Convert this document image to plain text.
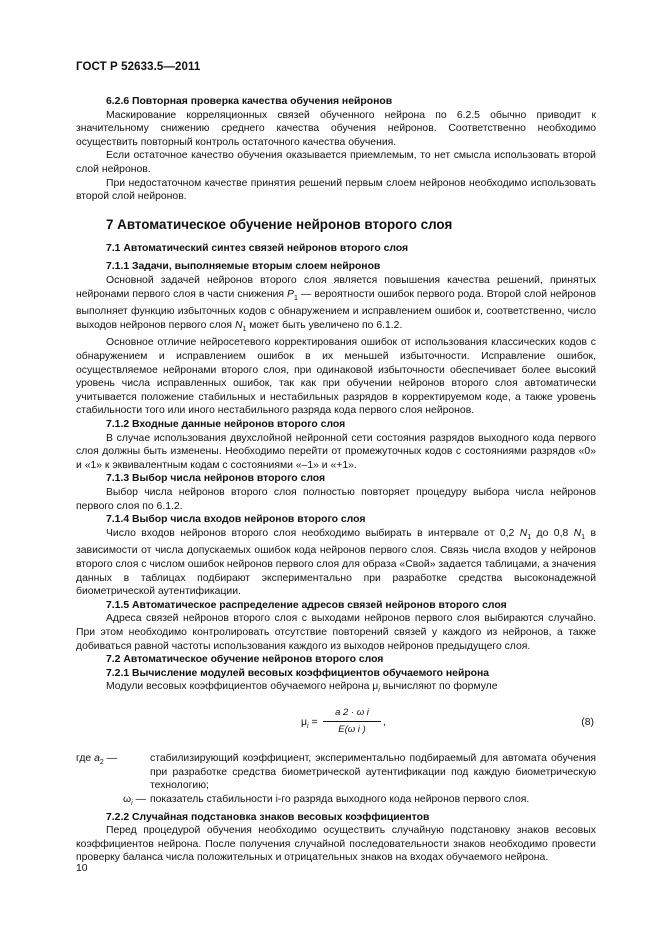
ГОСТ Р 52633.5—2011

6.2.6 Повторная проверка качества обучения нейронов

Маскирование корреляционных связей обученного нейрона по 6.2.5 обычно приводит к значительному снижению среднего качества обучения нейронов. Соответственно необходимо осуществить повторный контроль остаточного качества обучения.

Если остаточное качество обучения оказывается приемлемым, то нет смысла использовать второй слой нейронов.

При недостаточном качестве принятия решений первым слоем нейронов необходимо использовать второй слой нейронов.

7 Автоматическое обучение нейронов второго слоя

7.1 Автоматический синтез связей нейронов второго слоя

7.1.1 Задачи, выполняемые вторым слоем нейронов

Основной задачей нейронов второго слоя является повышения качества решений, принятых нейронами первого слоя в части снижения $P_1$ — вероятности ошибок первого рода. Второй слой нейронов выполняет функцию избыточных кодов с обнаружением и исправлением ошибок и, соответственно, число выходов нейронов первого слоя $N_1$ может быть увеличено по 6.1.2.

Основное отличие нейросетевого корректирования ошибок от использования классических кодов с обнаружением и исправлением ошибок в их меньшей избыточности. Исправление ошибок, осуществляемое нейронами второго слоя, при одинаковой избыточности обеспечивает более высокий уровень числа исправленных ошибок, так как при обучении нейронов второго слоя автоматически учитывается положение стабильных и нестабильных разрядов в корректируемом коде, а также уровень стабильности того или иного нестабильного разряда кода первого слоя нейронов.

7.1.2 Входные данные нейронов второго слоя

В случае использования двухслойной нейронной сети состояния разрядов выходного кода первого слоя должны быть изменены. Необходимо перейти от промежуточных кодов с состояниями разрядов «0» и «1» к эквивалентным кодам с состояниями «–1» и «+1».

7.1.3 Выбор числа нейронов второго слоя

Выбор числа нейронов второго слоя полностью повторяет процедуру выбора числа нейронов первого слоя по 6.1.2.

7.1.4 Выбор числа входов нейронов второго слоя

Число входов нейронов второго слоя необходимо выбирать в интервале от 0,2 $N_1$ до 0,8 $N_1$ в зависимости от числа допускаемых ошибок кода нейронов первого слоя. Связь числа входов у нейронов второго слоя с числом ошибок нейронов первого слоя для образа «Свой» задается таблицами, а значения данных в таблицах подбирают экспериментально при разработке средства высоконадежной биометрической аутентификации.

7.1.5 Автоматическое распределение адресов связей нейронов второго слоя

Адреса связей нейронов второго слоя с выходами нейронов первого слоя выбираются случайно. При этом необходимо контролировать отсутствие повторений связей у каждого из нейронов, а также добиваться равной частоты использования каждого из выходов нейронов предыдущего слоя.

7.2 Автоматическое обучение нейронов второго слоя

7.2.1 Вычисление модулей весовых коэффициентов обучаемого нейрона

Модули весовых коэффициентов обучаемого нейрона $\mu_i$ вычисляют по формуле

$\mu_i = \frac{\text{a 2 · ω i}}{\text{E(ω i )}}$ ,	(8)
где $a_2$ —	стабилизирующий коэффициент, экспериментально подбираемый для автомата обучения при разработке средства биометрической аутентификации под каждую биометрическую технологию;
$\omega_i$ — показатель стабильности i-го разряда выходного кода нейронов первого слоя.

7.2.2 Случайная подстановка знаков весовых коэффициентов

Перед процедурой обучения необходимо осуществить случайную подстановку знаков весовых коэффициентов нейрона. После получения случайной последовательности знаков необходимо провести проверку баланса числа положительных и отрицательных знаков на входах обучаемого нейрона.

10
